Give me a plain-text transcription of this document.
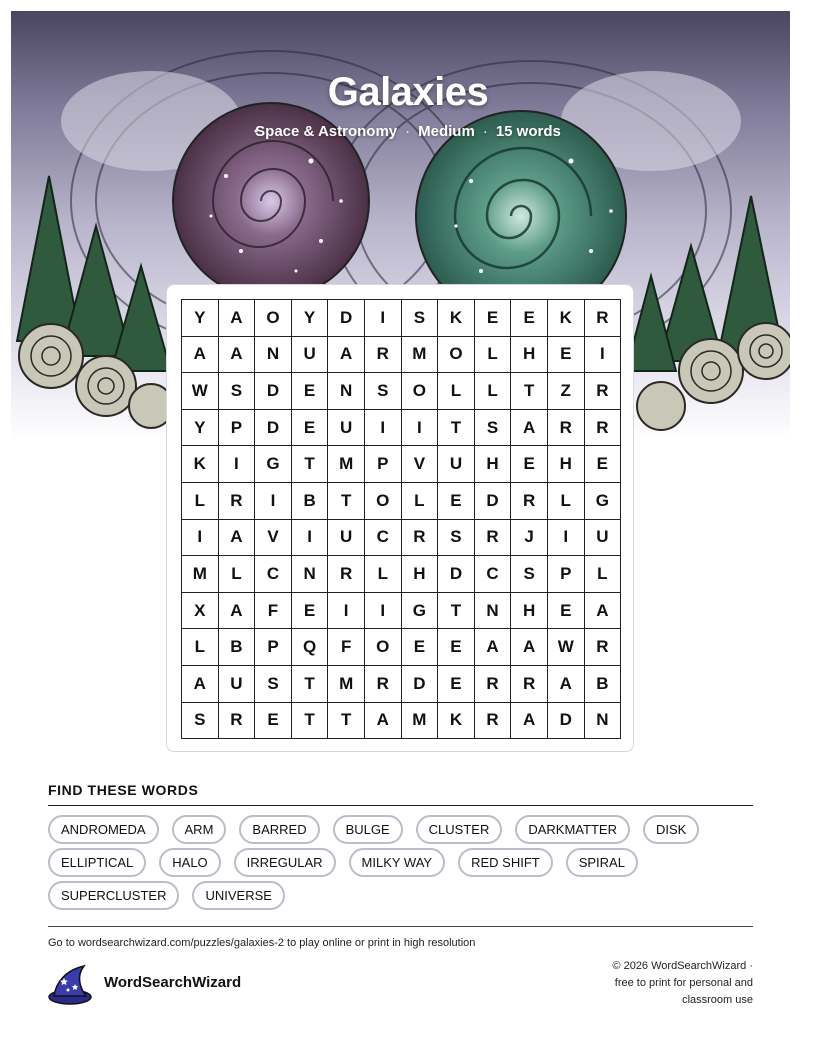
Galaxies
Space & Astronomy · Medium · 15 words
Y	A	O	Y	D	I	S	K	E	E	K	R
A	A	N	U	A	R	M	O	L	H	E	I
W	S	D	E	N	S	O	L	L	T	Z	R
Y	P	D	E	U	I	I	T	S	A	R	R
K	I	G	T	M	P	V	U	H	E	H	E
L	R	I	B	T	O	L	E	D	R	L	G
I	A	V	I	U	C	R	S	R	J	I	U
M	L	C	N	R	L	H	D	C	S	P	L
X	A	F	E	I	I	G	T	N	H	E	A
L	B	P	Q	F	O	E	E	A	A	W	R
A	U	S	T	M	R	D	E	R	R	A	B
S	R	E	T	T	A	M	K	R	A	D	N
FIND THESE WORDS
ANDROMEDA	ARM	BARRED	BULGE	CLUSTER	DARKMATTER	DISK
ELLIPTICAL	HALO	IRREGULAR	MILKY WAY	RED SHIFT	SPIRAL
SUPERCLUSTER	UNIVERSE
Go to wordsearchwizard.com/puzzles/galaxies-2 to play online or print in high resolution
WordSearchWizard
© 2026 WordSearchWizard ·
free to print for personal and
classroom use
